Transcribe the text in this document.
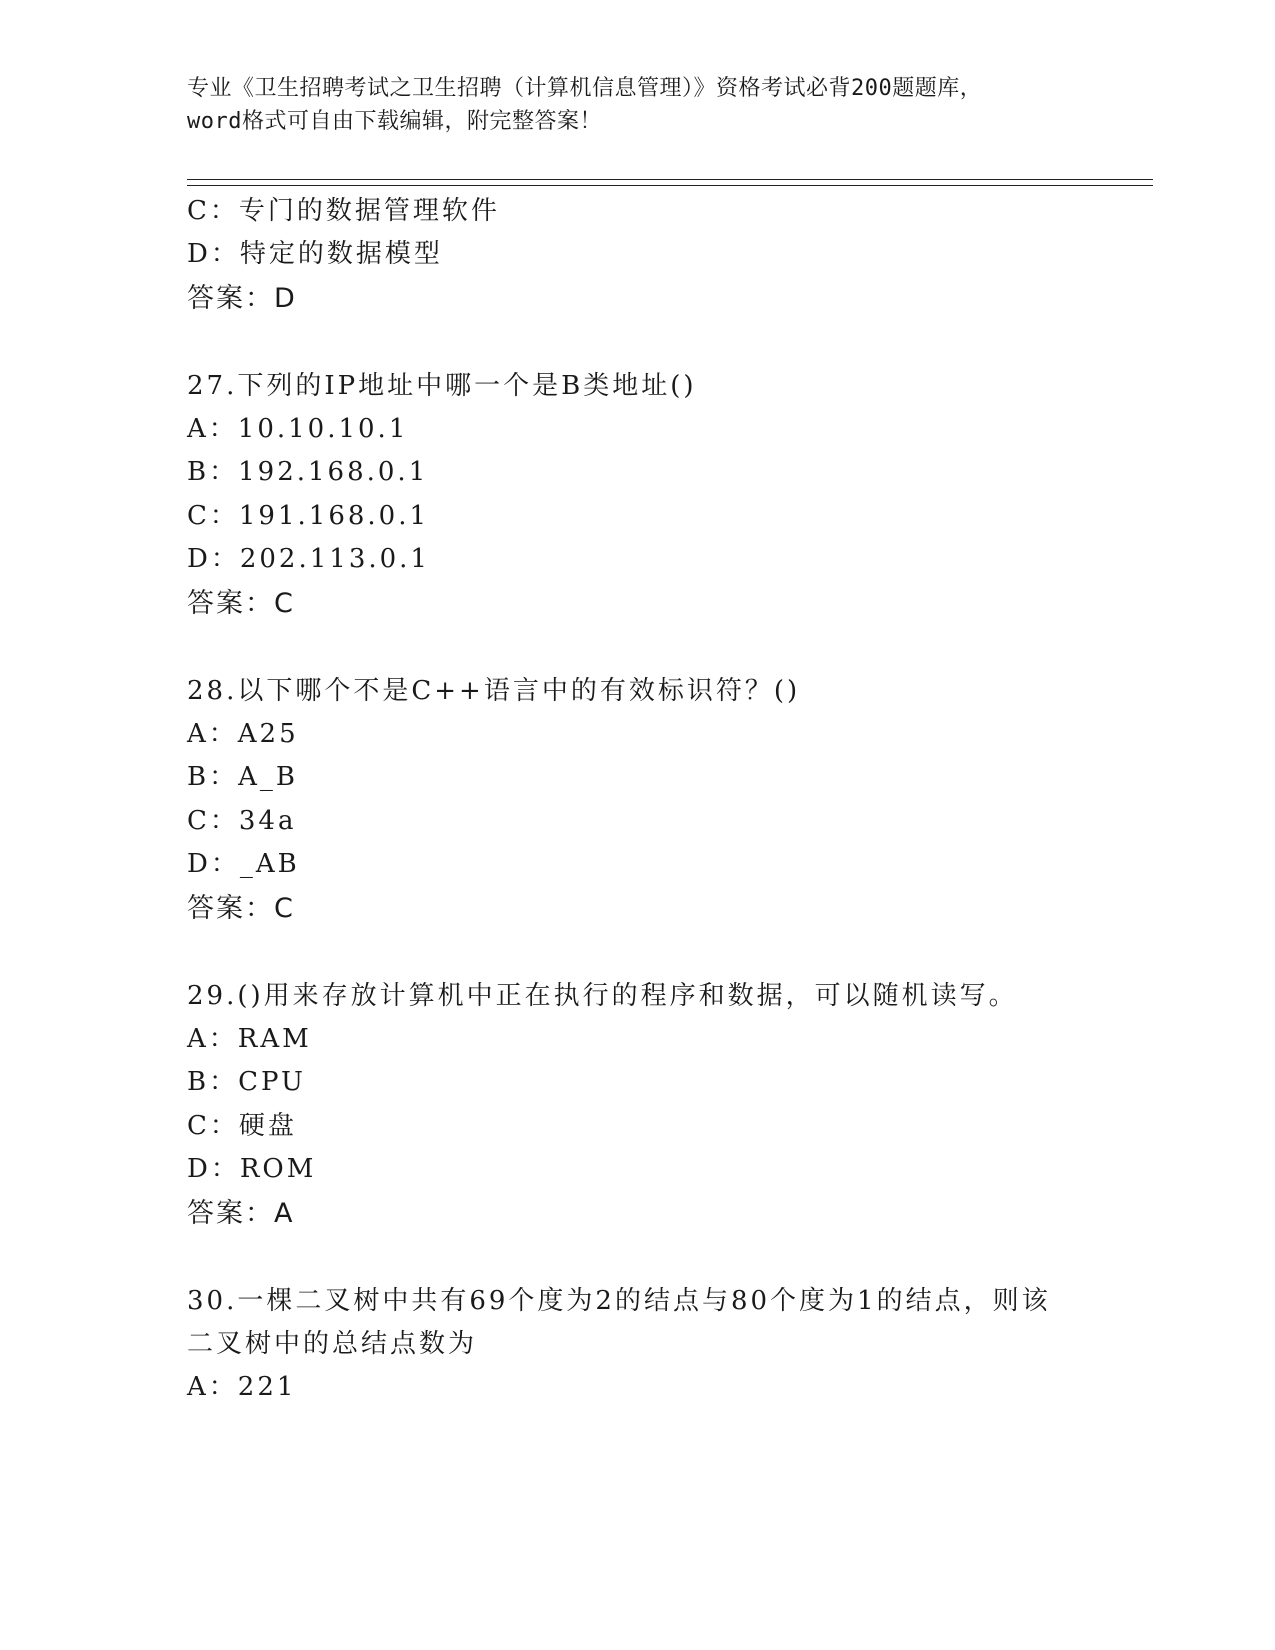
专业《卫生招聘考试之卫生招聘（计算机信息管理）》资格考试必背200题题库，
word格式可自由下载编辑，附完整答案！
C：专门的数据管理软件
D：特定的数据模型
答案：D
27.下列的IP地址中哪一个是B类地址()
A：10.10.10.1
B：192.168.0.1
C：191.168.0.1
D：202.113.0.1
答案：C
28.以下哪个不是C++语言中的有效标识符？()
A：A25
B：A_B
C：34a
D：_AB
答案：C
29.()用来存放计算机中正在执行的程序和数据，可以随机读写。
A：RAM
B：CPU
C：硬盘
D：ROM
答案：A
30.一棵二叉树中共有69个度为2的结点与80个度为1的结点，则该
二叉树中的总结点数为
A：221
